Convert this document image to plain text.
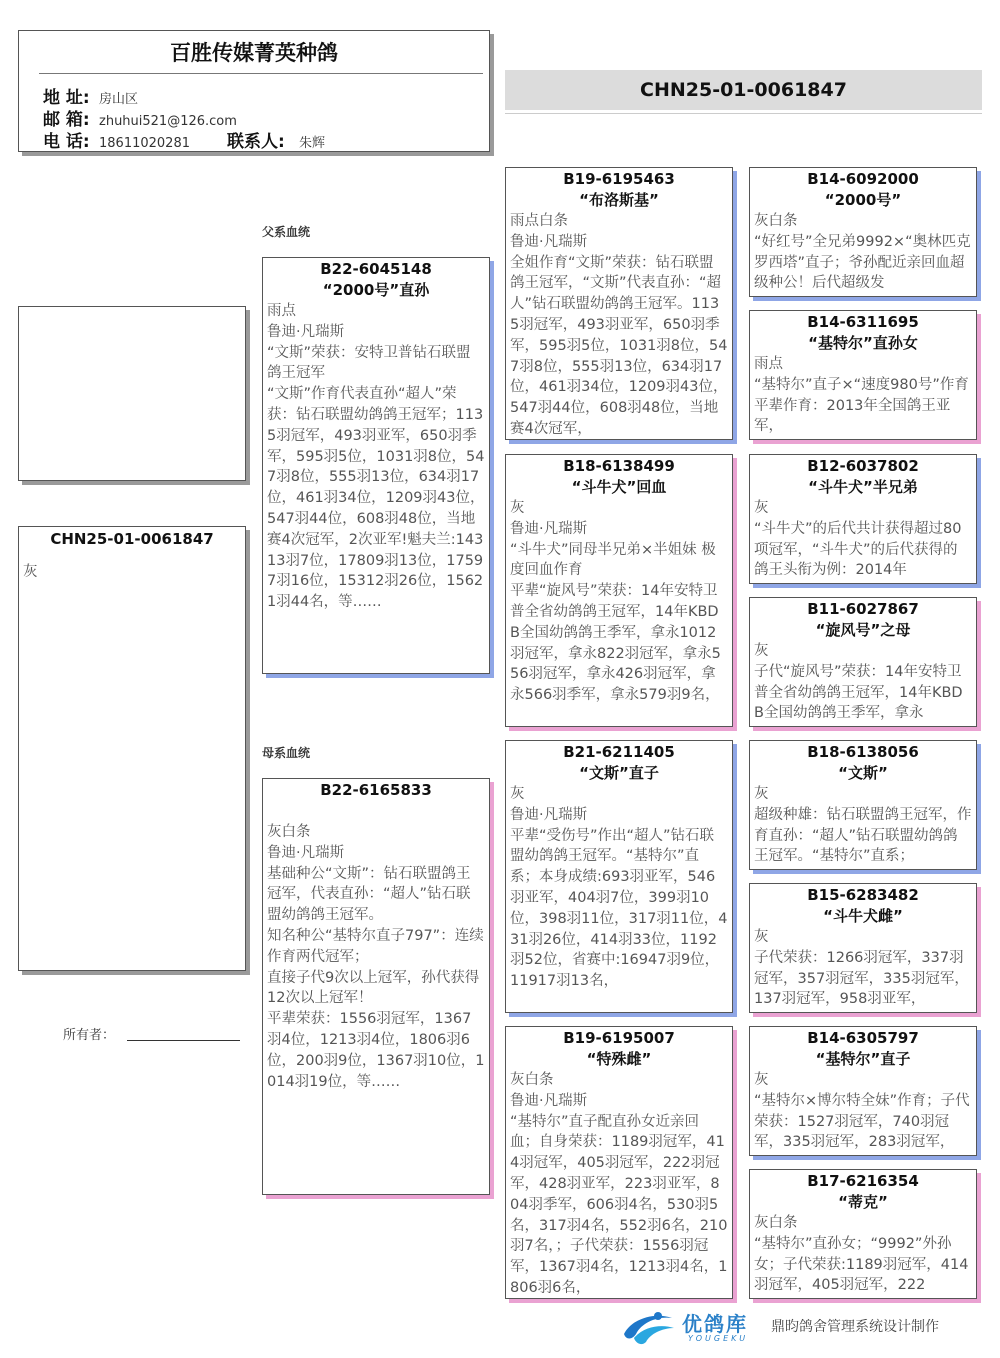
百胜传媒菁英种鸽
地 址: 房山区
邮 箱: zhuhui521@126.com
电 话: 18611020281 联系人: 朱辉
CHN25-01-0061847
CHN25-01-0061847
灰
所有者：
父系血统
母系血统
B22-6045148
“2000号”直孙
雨点
鲁迪·凡瑞斯
“文斯”荣获：安特卫普钻石联盟鸽王冠军
“文斯”作育代表直孙“超人”荣获：钻石联盟幼鸽鸽王冠军；1135羽冠军，493羽亚军，650羽季军，595羽5位，1031羽8位，547羽8位，555羽13位，634羽17位，461羽34位，1209羽43位，547羽44位，608羽48位，当地赛4次冠军，2次亚军!魁夫兰:14313羽7位，17809羽13位，17597羽16位，15312羽26位，15621羽44名，等……
B22-6165833
灰白条
鲁迪·凡瑞斯
基础种公“文斯”：钻石联盟鸽王冠军，代表直孙：“超人”钻石联盟幼鸽鸽王冠军。
知名种公“基特尔直子797”：连续作育两代冠军；
直接子代9次以上冠军，孙代获得12次以上冠军！
平辈荣获：1556羽冠军，1367羽4位，1213羽4位，1806羽6位，200羽9位，1367羽10位，1014羽19位，等……
B19-6195463
“布洛斯基”
雨点白条
鲁迪·凡瑞斯
全姐作育“文斯”荣获：钻石联盟鸽王冠军，“文斯”代表直孙：“超人”钻石联盟幼鸽鸽王冠军。1135羽冠军，493羽亚军，650羽季军，595羽5位，1031羽8位，547羽8位，555羽13位，634羽17位，461羽34位，1209羽43位，547羽44位，608羽48位，当地赛4次冠军，
B18-6138499
“斗牛犬”回血
灰
鲁迪·凡瑞斯
“斗牛犬”同母半兄弟×半姐妹 极度回血作育
平辈“旋风号”荣获：14年安特卫普全省幼鸽鸽王冠军，14年KBDB全国幼鸽鸽王季军，拿永1012羽冠军，拿永822羽冠军，拿永556羽冠军，拿永426羽冠军，拿永566羽季军，拿永579羽9名，
B21-6211405
“文斯”直子
灰
鲁迪·凡瑞斯
平辈“受伤号”作出“超人”钻石联盟幼鸽鸽王冠军。“基特尔”直系；本身成绩:693羽亚军，546羽亚军，404羽7位，399羽10位，398羽11位，317羽11位，431羽26位，414羽33位，1192羽52位，省赛中:16947羽9位，11917羽13名，
B19-6195007
“特殊雌”
灰白条
鲁迪·凡瑞斯
“基特尔”直子配直孙女近亲回血；自身荣获：1189羽冠军，414羽冠军，405羽冠军，222羽冠军，428羽亚军，223羽亚军，804羽季军，606羽4名，530羽5名，317羽4名，552羽6名，210羽7名，；子代荣获：1556羽冠军，1367羽4名，1213羽4名，1806羽6名，
B14-6092000
“2000号”
灰白条
“好红号”全兄弟9992×“奥林匹克罗西塔”直子；爷孙配近亲回血超级种公！后代超级发
B14-6311695
“基特尔”直孙女
雨点
“基特尔”直子×“速度980号”作育平辈作育：2013年全国鸽王亚军，
B12-6037802
“斗牛犬”半兄弟
灰
“斗牛犬”的后代共计获得超过80项冠军，“斗牛犬”的后代获得的鸽王头衔为例：2014年
B11-6027867
“旋风号”之母
灰
子代“旋风号”荣获：14年安特卫普全省幼鸽鸽王冠军，14年KBDB全国幼鸽鸽王季军，拿永
B18-6138056
“文斯”
灰
超级种雄：钻石联盟鸽王冠军，作育直孙：“超人”钻石联盟幼鸽鸽王冠军。“基特尔”直系；
B15-6283482
“斗牛犬雌”
灰
子代荣获：1266羽冠军，337羽冠军，357羽冠军，335羽冠军，137羽冠军，958羽亚军，
B14-6305797
“基特尔”直子
灰
“基特尔×博尔特全妹”作育；子代荣获：1527羽冠军，740羽冠军，335羽冠军，283羽冠军，
B17-6216354
“蒂克”
灰白条
“基特尔”直孙女；“9992”外孙女；子代荣获:1189羽冠军，414羽冠军，405羽冠军，222
优鸽库
YOUGEKU
鼎昀鸽舍管理系统设计制作
